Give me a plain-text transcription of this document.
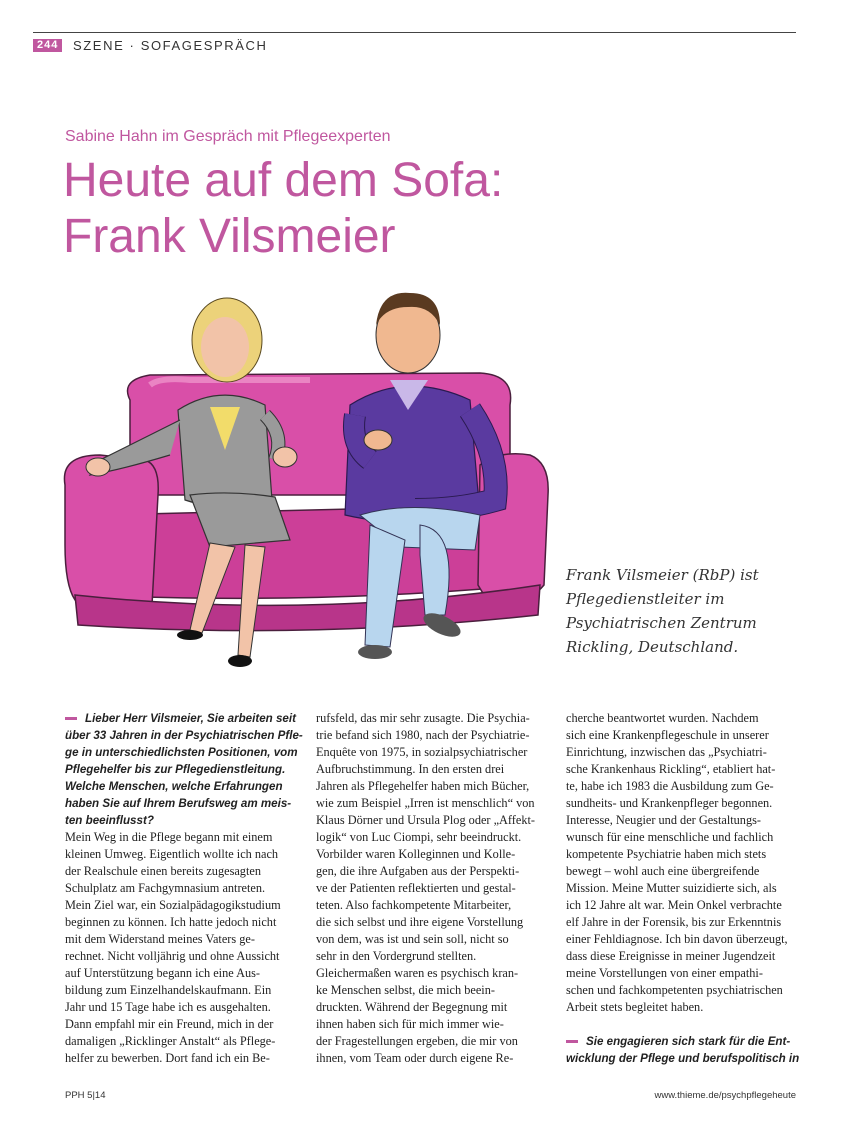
244	SZENE · SOFAGESPRÄCH
Sabine Hahn im Gespräch mit Pflegeexperten
Heute auf dem Sofa:
Frank Vilsmeier
Frank Vilsmeier (RbP) ist
Pflegedienstleiter im
Psychiatrischen Zentrum
Rickling, Deutschland.
Lieber Herr Vilsmeier, Sie arbeiten seit
über 33 Jahren in der Psychiatrischen Pfle-
ge in unterschiedlichsten Positionen, vom
Pflegehelfer bis zur Pflegedienstleitung.
Welche Menschen, welche Erfahrungen
haben Sie auf Ihrem Berufsweg am meis-
ten beeinflusst?
Mein Weg in die Pflege begann mit einem
kleinen Umweg. Eigentlich wollte ich nach
der Realschule einen bereits zugesagten
Schulplatz am Fachgymnasium antreten.
Mein Ziel war, ein Sozialpädagogikstudium
beginnen zu können. Ich hatte jedoch nicht
mit dem Widerstand meines Vaters ge-
rechnet. Nicht volljährig und ohne Aussicht
auf Unterstützung begann ich eine Aus-
bildung zum Einzelhandelskaufmann. Ein
Jahr und 15 Tage habe ich es ausgehalten.
Dann empfahl mir ein Freund, mich in der
damaligen „Ricklinger Anstalt“ als Pflege-
helfer zu bewerben. Dort fand ich ein Be-
rufsfeld, das mir sehr zusagte. Die Psychia-
trie befand sich 1980, nach der Psychiatrie-
Enquête von 1975, in sozialpsychiatrischer
Aufbruchstimmung. In den ersten drei
Jahren als Pflegehelfer haben mich Bücher,
wie zum Beispiel „Irren ist menschlich“ von
Klaus Dörner und Ursula Plog oder „Affekt-
logik“ von Luc Ciompi, sehr beeindruckt.
Vorbilder waren Kolleginnen und Kolle-
gen, die ihre Aufgaben aus der Perspekti-
ve der Patienten reflektierten und gestal-
teten. Also fachkompetente Mitarbeiter,
die sich selbst und ihre eigene Vorstellung
von dem, was ist und sein soll, nicht so
sehr in den Vordergrund stellten.
Gleichermaßen waren es psychisch kran-
ke Menschen selbst, die mich beein-
druckten. Während der Begegnung mit
ihnen haben sich für mich immer wie-
der Fragestellungen ergeben, die mir von
ihnen, vom Team oder durch eigene Re-
cherche beantwortet wurden. Nachdem
sich eine Krankenpflegeschule in unserer
Einrichtung, inzwischen das „Psychiatri-
sche Krankenhaus Rickling“, etabliert hat-
te, habe ich 1983 die Ausbildung zum Ge-
sundheits- und Krankenpfleger begonnen.
Interesse, Neugier und der Gestaltungs-
wunsch für eine menschliche und fachlich
kompetente Psychiatrie haben mich stets
bewegt – wohl auch eine übergreifende
Mission. Meine Mutter suizidierte sich, als
ich 12 Jahre alt war. Mein Onkel verbrachte
elf Jahre in der Forensik, bis zur Erkenntnis
einer Fehldiagnose. Ich bin davon überzeugt,
dass diese Ereignisse in meiner Jugendzeit
meine Vorstellungen von einer empathi-
schen und fachkompetenten psychiatrischen
Arbeit stets begleitet haben.
Sie engagieren sich stark für die Ent-
wicklung der Pflege und berufspolitisch in
PPH 5|14	www.thieme.de/psychpflegeheute
